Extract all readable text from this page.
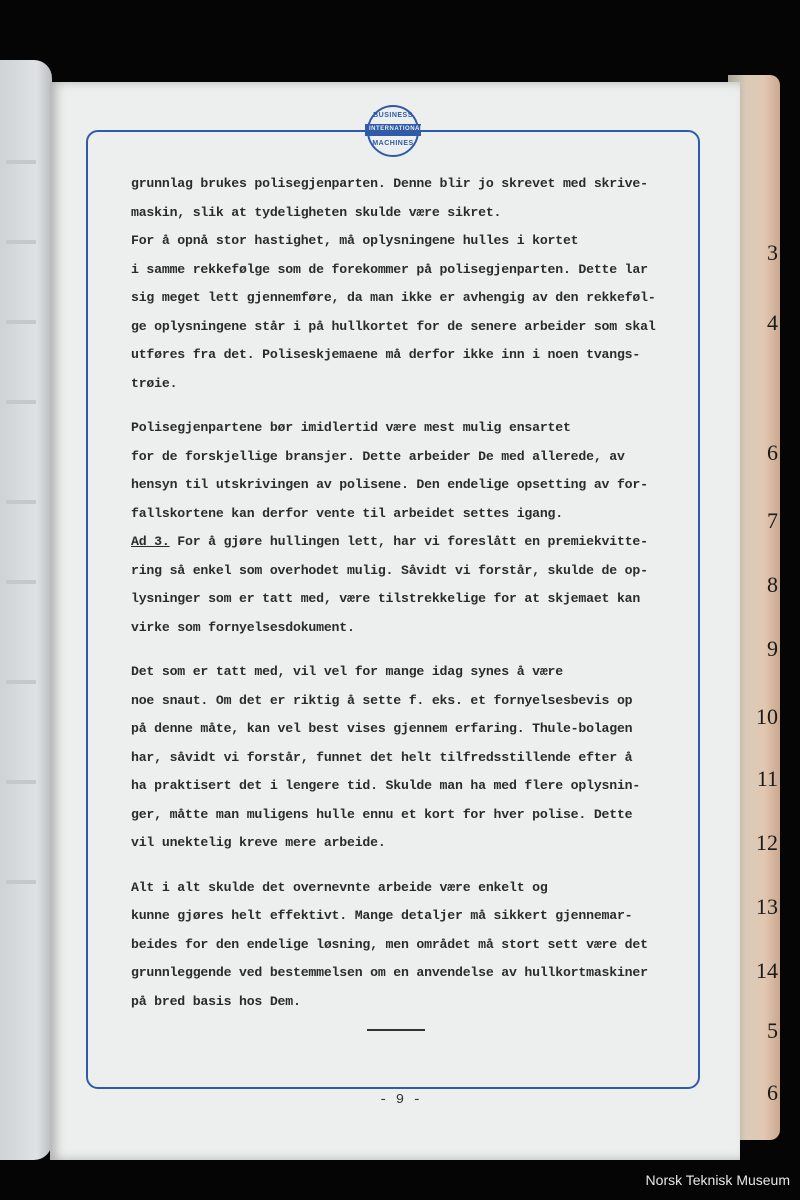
3
4
6
7
8
9
10
11
12
13
14
5
6
BUSINESS
INTERNATIONAL
MACHINES
grunnlag brukes polisegjenparten. Denne blir jo skrevet med skrive-
maskin, slik at tydeligheten skulde være sikret.
For å opnå stor hastighet, må oplysningene hulles i kortet
i samme rekkefølge som de forekommer på polisegjenparten. Dette lar
sig meget lett gjennemføre, da man ikke er avhengig av den rekkeføl-
ge oplysningene står i på hullkortet for de senere arbeider som skal
utføres fra det. Poliseskjemaene må derfor ikke inn i noen tvangs-
trøie.
Polisegjenpartene bør imidlertid være mest mulig ensartet
for de forskjellige bransjer. Dette arbeider De med allerede, av
hensyn til utskrivingen av polisene. Den endelige opsetting av for-
fallskortene kan derfor vente til arbeidet settes igang.
Ad 3. For å gjøre hullingen lett, har vi foreslått en premiekvitte-
ring så enkel som overhodet mulig. Såvidt vi forstår, skulde de op-
lysninger som er tatt med, være tilstrekkelige for at skjemaet kan
virke som fornyelsesdokument.
Det som er tatt med, vil vel for mange idag synes å være
noe snaut. Om det er riktig å sette f. eks. et fornyelsesbevis op
på denne måte, kan vel best vises gjennem erfaring. Thule-bolagen
har, såvidt vi forstår, funnet det helt tilfredsstillende efter å
ha praktisert det i lengere tid. Skulde man ha med flere oplysnin-
ger, måtte man muligens hulle ennu et kort for hver polise. Dette
vil unektelig kreve mere arbeide.
Alt i alt skulde det overnevnte arbeide være enkelt og
kunne gjøres helt effektivt. Mange detaljer må sikkert gjennemar-
beides for den endelige løsning, men området må stort sett være det
grunnleggende ved bestemmelsen om en anvendelse av hullkortmaskiner
på bred basis hos Dem.
- 9 -
Norsk Teknisk Museum
